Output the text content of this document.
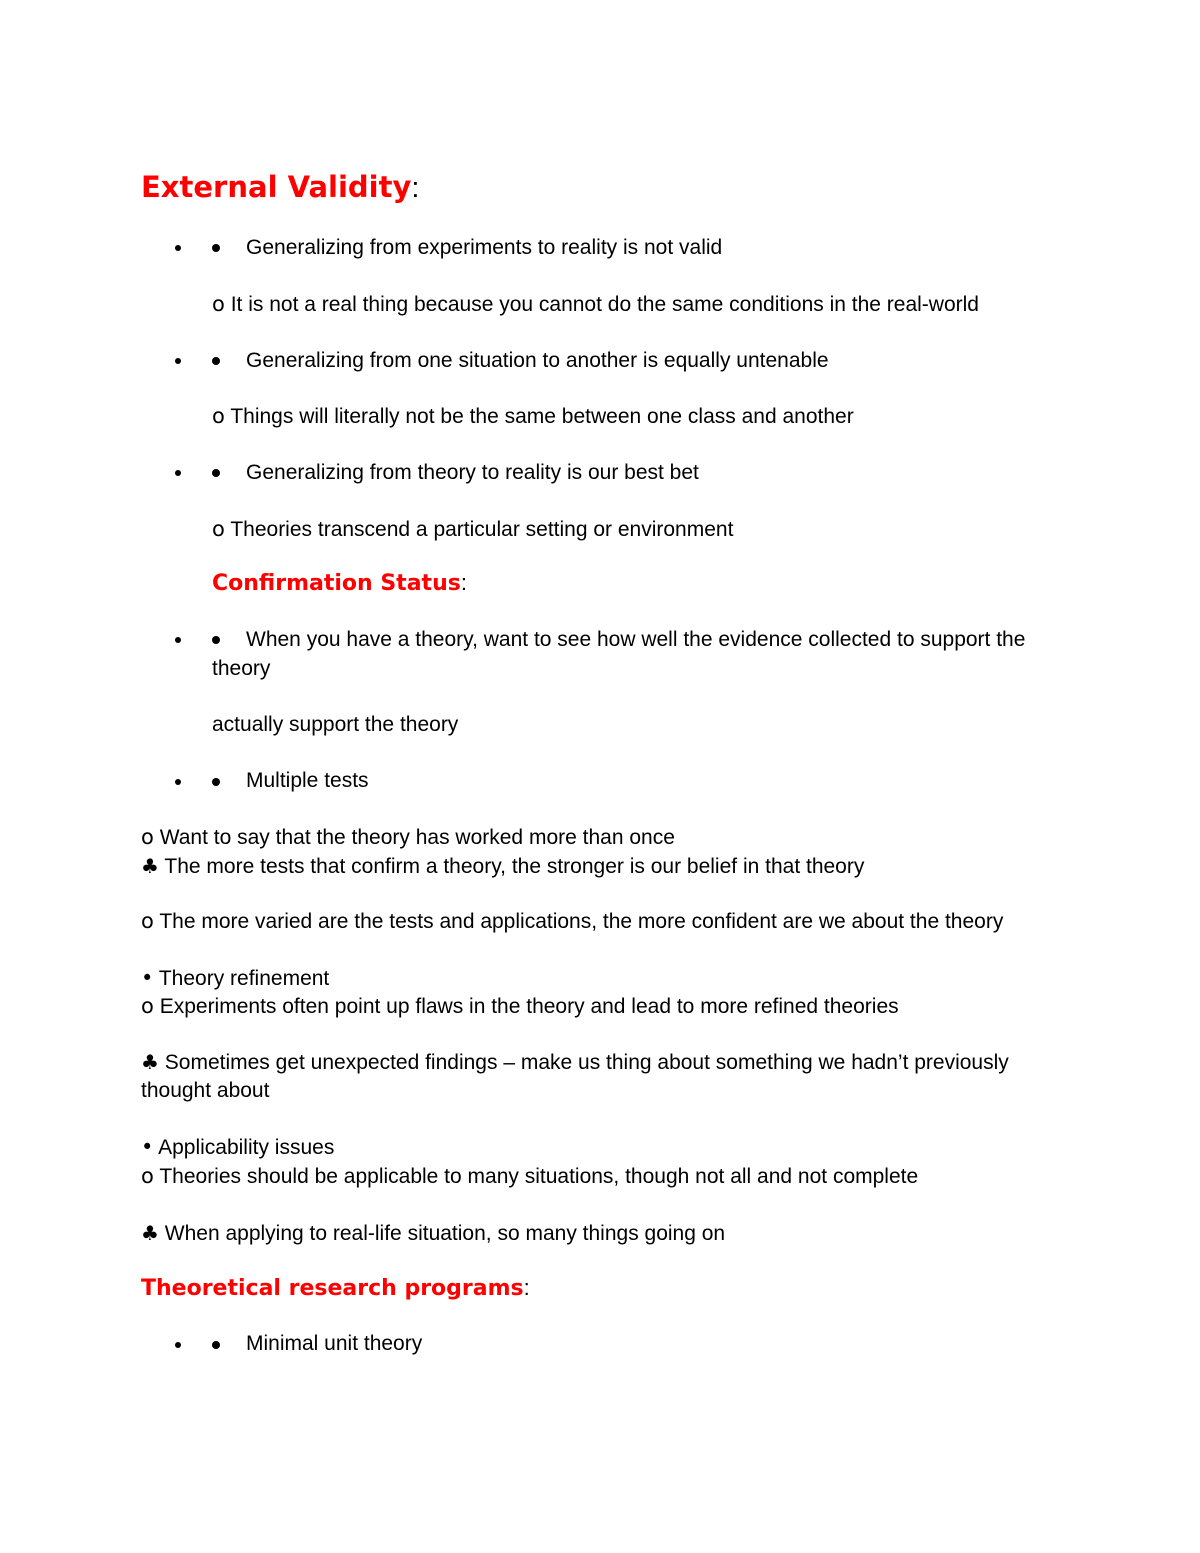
External Validity:
Generalizing from experiments to reality is not valid
o It is not a real thing because you cannot do the same conditions in the real-world
Generalizing from one situation to another is equally untenable
o Things will literally not be the same between one class and another
Generalizing from theory to reality is our best bet
o Theories transcend a particular setting or environment
Confirmation Status:
When you have a theory, want to see how well the evidence collected to support the
theory
actually support the theory
Multiple tests
o Want to say that the theory has worked more than once
♣ The more tests that confirm a theory, the stronger is our belief in that theory
o The more varied are the tests and applications, the more confident are we about the theory
• Theory refinement
o Experiments often point up flaws in the theory and lead to more refined theories
♣ Sometimes get unexpected findings – make us thing about something we hadn’t previously
thought about
• Applicability issues
o Theories should be applicable to many situations, though not all and not complete
♣ When applying to real-life situation, so many things going on
Theoretical research programs:
Minimal unit theory
